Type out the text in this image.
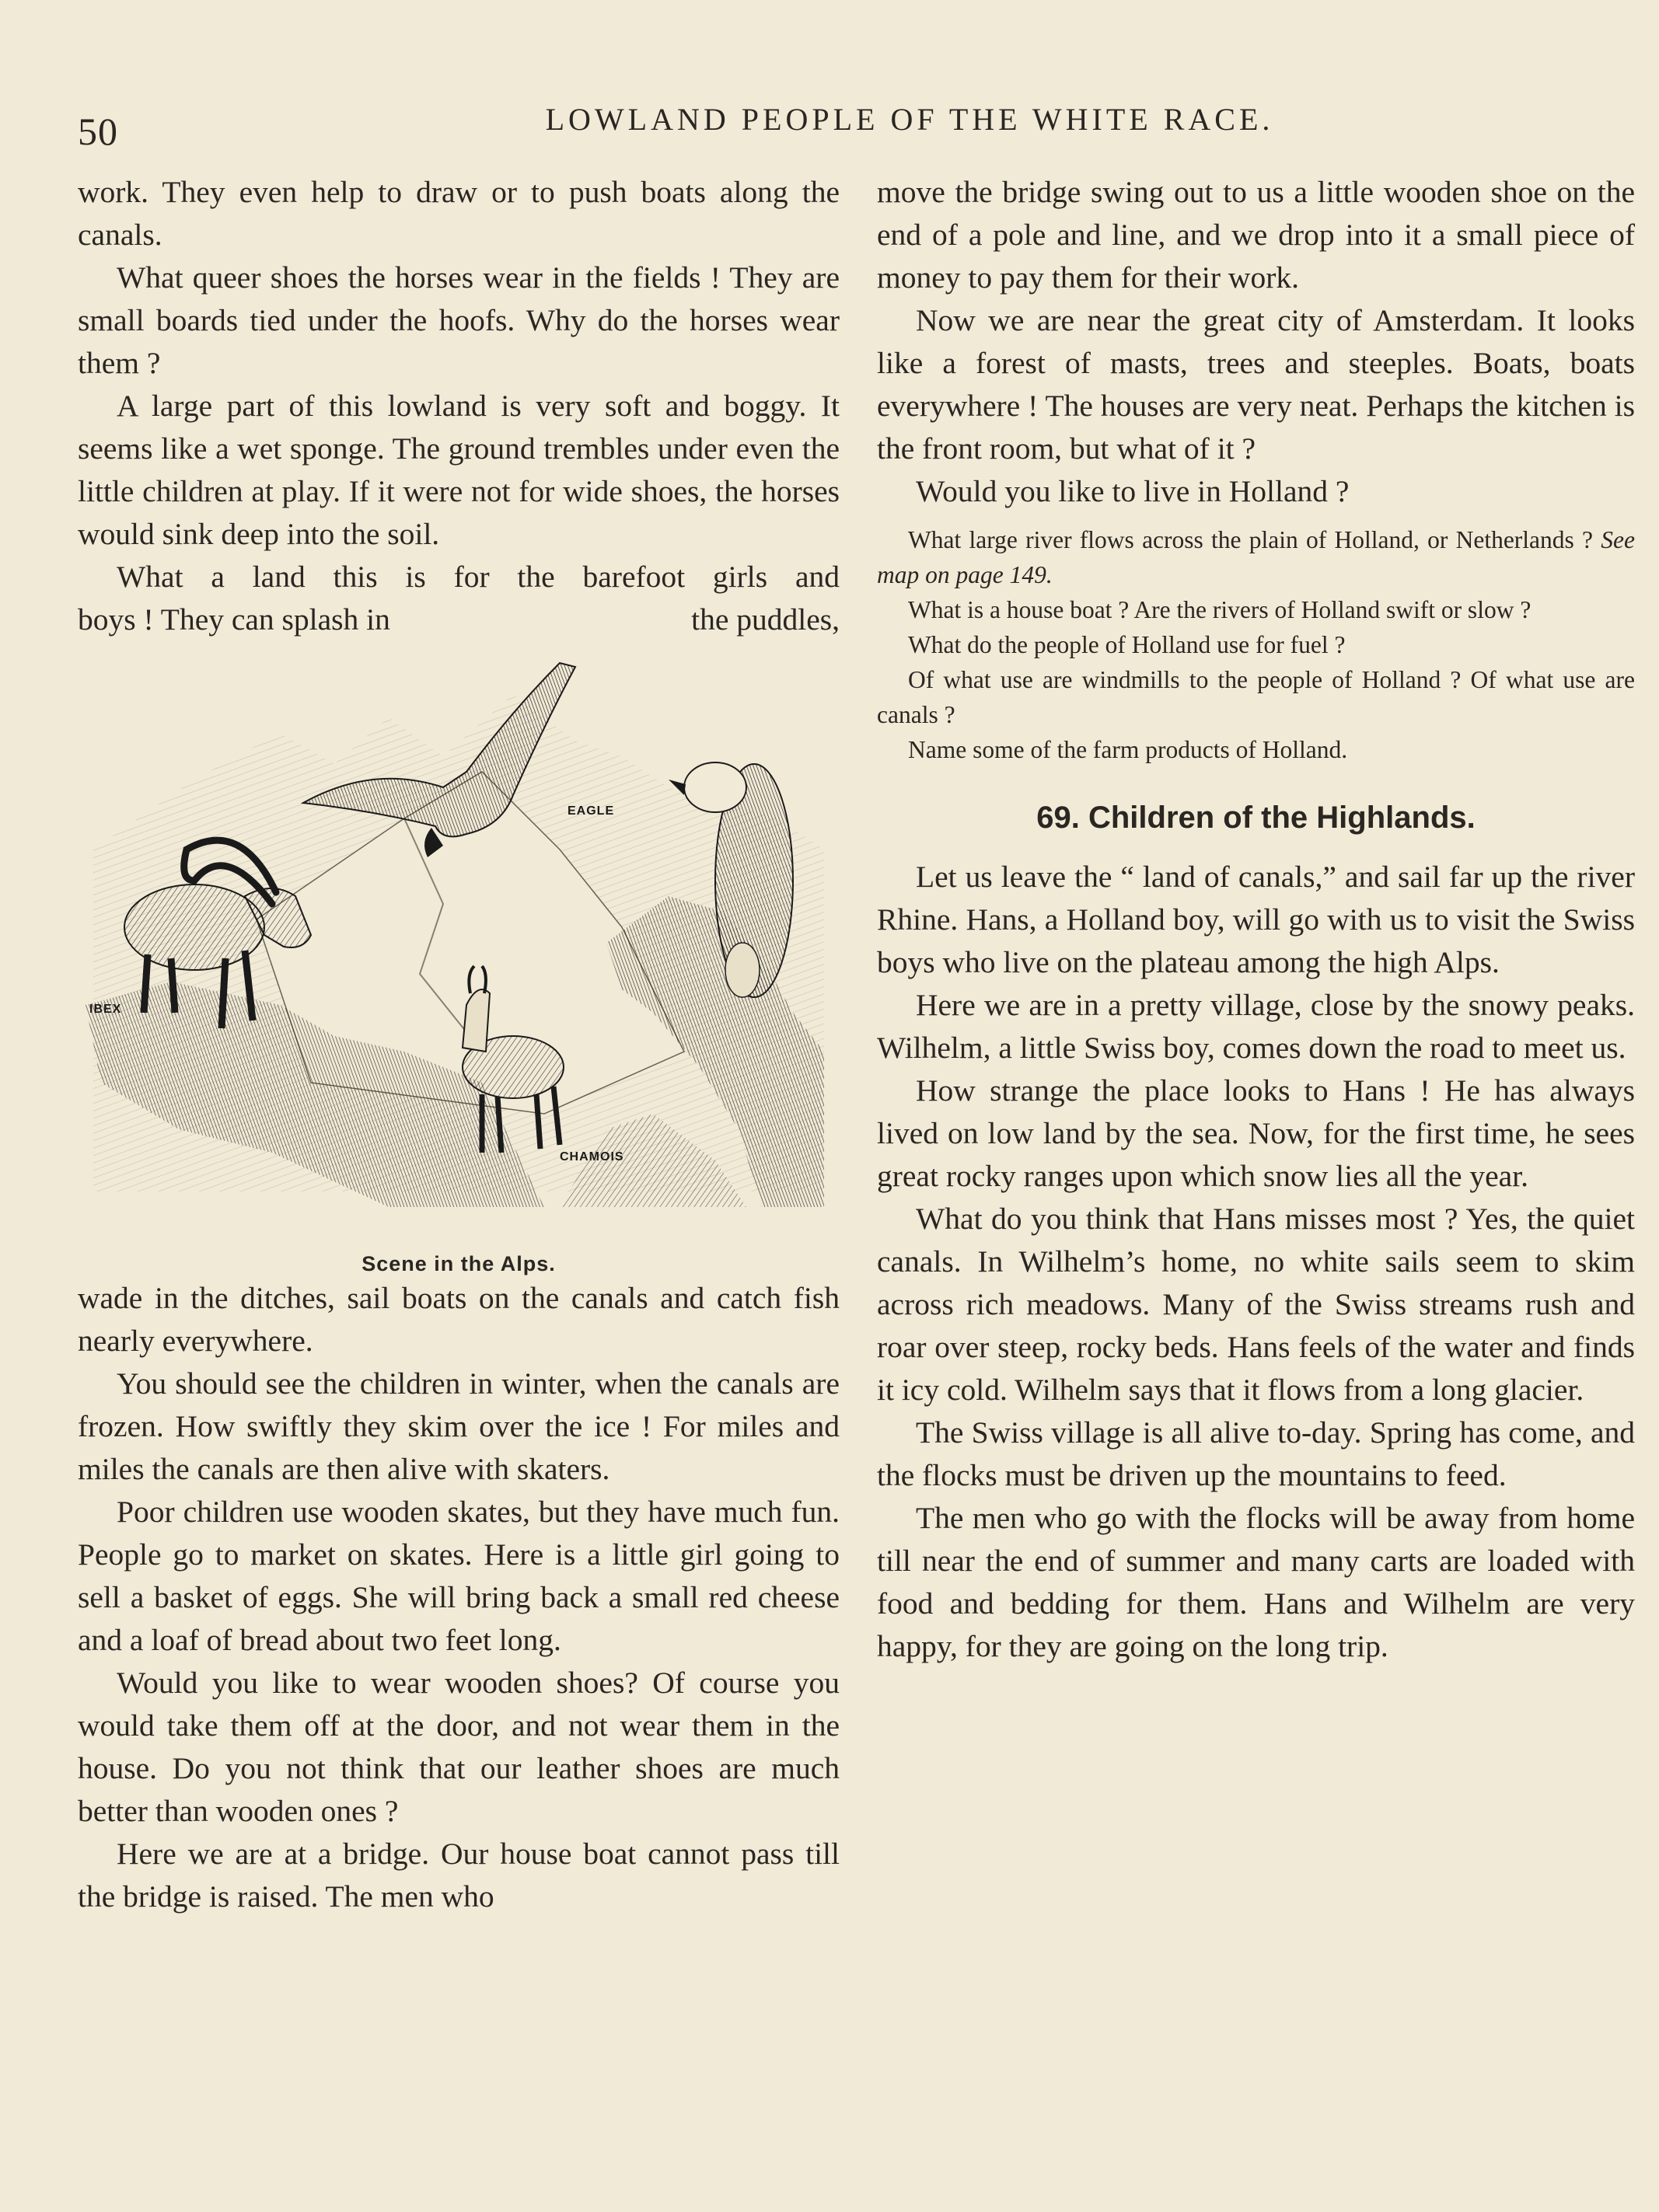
50	LOWLAND PEOPLE OF THE WHITE RACE.

work. They even help to draw or to push boats along the canals.

What queer shoes the horses wear in the fields ! They are small boards tied under the hoofs. Why do the horses wear them ?

A large part of this lowland is very soft and boggy. It seems like a wet sponge. The ground trembles under even the little children at play. If it were not for wide shoes, the horses would sink deep into the soil.

What a land this is for the barefoot girls and

boys ! They can splash in	the puddles,
EAGLE
IBEX
CHAMOIS
Scene in the Alps.

wade in the ditches, sail boats on the canals and catch fish nearly everywhere.

You should see the children in winter, when the canals are frozen. How swiftly they skim over the ice ! For miles and miles the canals are then alive with skaters.

Poor children use wooden skates, but they have much fun. People go to market on skates. Here is a little girl going to sell a basket of eggs. She will bring back a small red cheese and a loaf of bread about two feet long.

Would you like to wear wooden shoes? Of course you would take them off at the door, and not wear them in the house. Do you not think that our leather shoes are much better than wooden ones ?

Here we are at a bridge. Our house boat cannot pass till the bridge is raised. The men who

move the bridge swing out to us a little wooden shoe on the end of a pole and line, and we drop into it a small piece of money to pay them for their work.

Now we are near the great city of Amsterdam. It looks like a forest of masts, trees and steeples. Boats, boats everywhere ! The houses are very neat. Perhaps the kitchen is the front room, but what of it ?

Would you like to live in Holland ?

What large river flows across the plain of Holland, or Netherlands ? See map on page 149.

What is a house boat ? Are the rivers of Holland swift or slow ?

What do the people of Holland use for fuel ?

Of what use are windmills to the people of Holland ? Of what use are canals ?

Name some of the farm products of Holland.

69. Children of the Highlands.

Let us leave the “ land of canals,” and sail far up the river Rhine. Hans, a Holland boy, will go with us to visit the Swiss boys who live on the plateau among the high Alps.

Here we are in a pretty village, close by the snowy peaks. Wilhelm, a little Swiss boy, comes down the road to meet us.

How strange the place looks to Hans ! He has always lived on low land by the sea. Now, for the first time, he sees great rocky ranges upon which snow lies all the year.

What do you think that Hans misses most ? Yes, the quiet canals. In Wilhelm’s home, no white sails seem to skim across rich meadows. Many of the Swiss streams rush and roar over steep, rocky beds. Hans feels of the water and finds it icy cold. Wilhelm says that it flows from a long glacier.

The Swiss village is all alive to-day. Spring has come, and the flocks must be driven up the mountains to feed.

The men who go with the flocks will be away from home till near the end of summer and many carts are loaded with food and bedding for them. Hans and Wilhelm are very happy, for they are going on the long trip.
